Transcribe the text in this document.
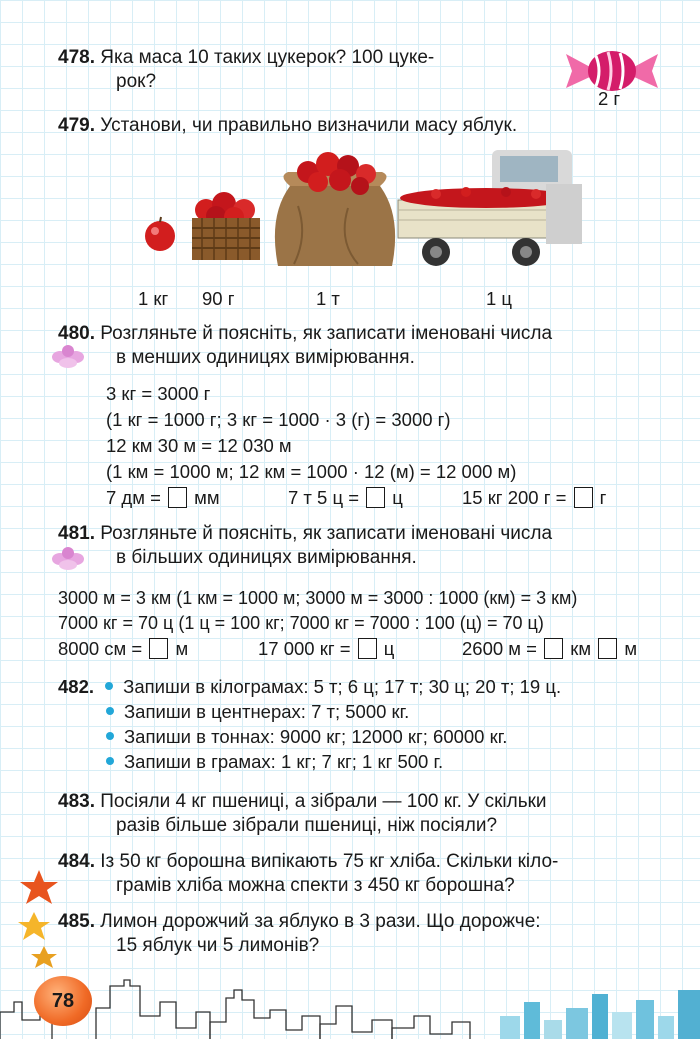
478. Яка маса 10 таких цукерок? 100 цуке-
рок?
2 г
479. Установи, чи правильно визначили масу яблук.
1 кг 90 г	1 т	1 ц
480. Розгляньте й поясніть, як записати іменовані числа
в менших одиницях вимірювання.
3 кг = 3000 г
(1 кг = 1000 г; 3 кг = 1000 · 3 (г) = 3000 г)
12 км 30 м = 12 030 м
(1 км = 1000 м; 12 км = 1000 · 12 (м) = 12 000 м)
7 дм =  мм	7 т 5 ц =  ц	15 кг 200 г =  г
481. Розгляньте й поясніть, як записати іменовані числа
в більших одиницях вимірювання.
3000 м = 3 км (1 км = 1000 м; 3000 м = 3000 : 1000 (км) = 3 км)
7000 кг = 70 ц (1 ц = 100 кг; 7000 кг = 7000 : 100 (ц) = 70 ц)
8000 см =  м	17 000 кг =  ц	2600 м =  км  м
482. Запиши в кілограмах: 5 т; 6 ц; 17 т; 30 ц; 20 т; 19 ц.
Запиши в центнерах: 7 т; 5000 кг.
Запиши в тоннах: 9000 кг; 12000 кг; 60000 кг.
Запиши в грамах: 1 кг; 7 кг; 1 кг 500 г.
483. Посіяли 4 кг пшениці, а зібрали — 100 кг. У скільки
разів більше зібрали пшениці, ніж посіяли?
484. Із 50 кг борошна випікають 75 кг хліба. Скільки кіло-
грамів хліба можна спекти з 450 кг борошна?
485. Лимон дорожчий за яблуко в 3 рази. Що дорожче:
15 яблук чи 5 лимонів?
78
